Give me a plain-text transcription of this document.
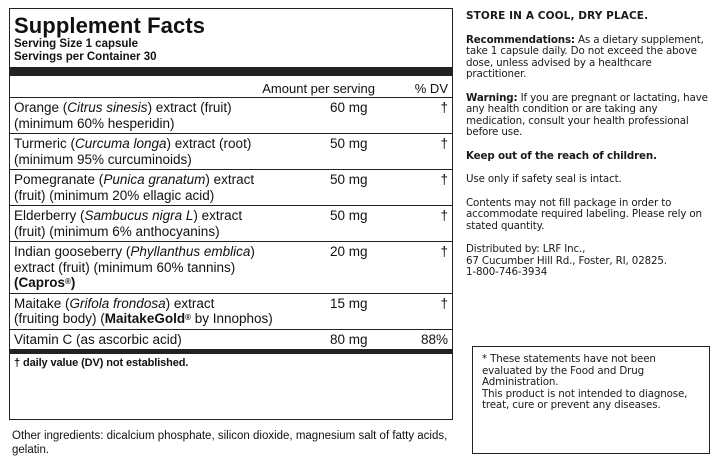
Supplement Facts
Serving Size 1 capsule
Servings per Container 30
Amount per serving	% DV
Orange (Citrus sinesis) extract (fruit)
(minimum 60% hesperidin)
60 mg	†
Turmeric (Curcuma longa) extract (root)
(minimum 95% curcuminoids)
50 mg	†
Pomegranate (Punica granatum) extract
(fruit) (minimum 20% ellagic acid)
50 mg	†
Elderberry (Sambucus nigra L) extract
(fruit) (minimum 6% anthocyanins)
50 mg	†
Indian gooseberry (Phyllanthus emblica)
extract (fruit) (minimum 60% tannins)
(Capros®)
20 mg	†
Maitake (Grifola frondosa) extract
(fruiting body) (MaitakeGold® by Innophos)
15 mg	†
Vitamin C (as ascorbic acid)	80 mg	88%
† daily value (DV) not established.
Other ingredients: dicalcium phosphate, silicon dioxide, magnesium salt of fatty acids, gelatin.
STORE IN A COOL, DRY PLACE.
Recommendations: As a dietary supplement, take 1 capsule daily. Do not exceed the above dose, unless advised by a healthcare practitioner.
Warning: If you are pregnant or lactating, have any health condition or are taking any medication, consult your health professional before use.
Keep out of the reach of children.
Use only if safety seal is intact.
Contents may not fill package in order to accommodate required labeling. Please rely on stated quantity.
Distributed by: LRF Inc.,
67 Cucumber Hill Rd., Foster, RI, 02825.
1-800-746-3934
* These statements have not been evaluated by the Food and Drug Administration.
This product is not intended to diagnose, treat, cure or prevent any diseases.
